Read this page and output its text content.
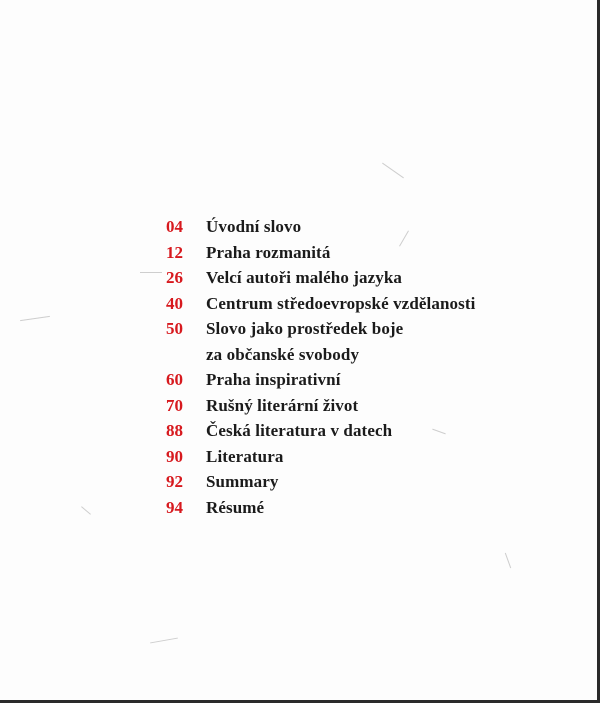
04	Úvodní slovo
12	Praha rozmanitá
26	Velcí autoři malého jazyka
40	Centrum středoevropské vzdělanosti
50	Slovo jako prostředek boje
za občanské svobody
60	Praha inspirativní
70	Rušný literární život
88	Česká literatura v datech
90	Literatura
92	Summary
94	Résumé
